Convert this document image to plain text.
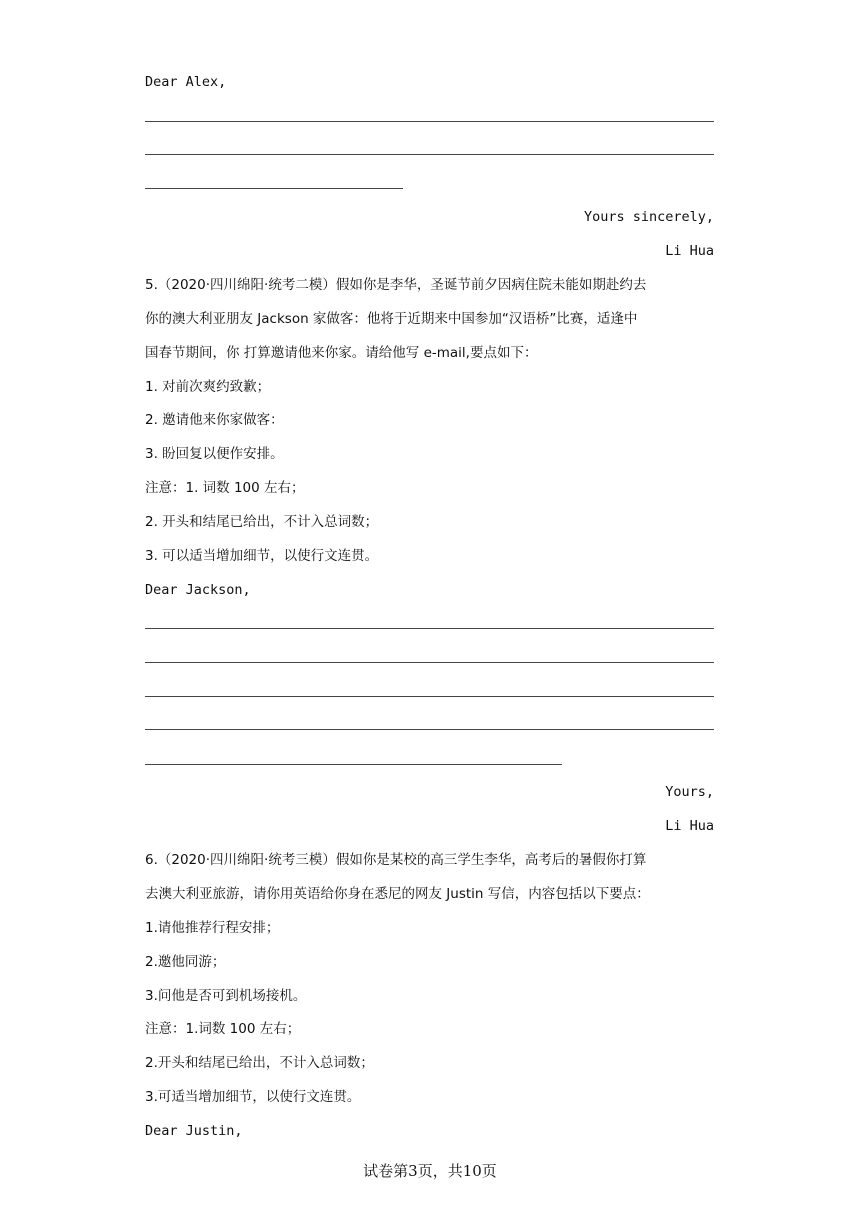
Dear Alex,
Yours sincerely,
Li Hua
5.（2020·四川绵阳·统考二模）假如你是李华，圣诞节前夕因病住院未能如期赴约去
你的澳大利亚朋友 Jackson 家做客：他将于近期来中国参加“汉语桥”比赛，适逢中
国春节期间，你 打算邀请他来你家。请给他写 e-mail,要点如下：
1. 对前次爽约致歉；
2. 邀请他来你家做客：
3. 盼回复以便作安排。
注意：1. 词数 100 左右；
2. 开头和结尾已给出，不计入总词数；
3. 可以适当增加细节，以使行文连贯。
Dear Jackson,
Yours,
Li Hua
6.（2020·四川绵阳·统考三模）假如你是某校的高三学生李华，高考后的暑假你打算
去澳大利亚旅游，请你用英语给你身在悉尼的网友 Justin 写信，内容包括以下要点：
1.请他推荐行程安排；
2.邀他同游；
3.问他是否可到机场接机。
注意：1.词数 100 左右；
2.开头和结尾已给出，不计入总词数；
3.可适当增加细节，以使行文连贯。
Dear Justin,
试卷第3页，共10页
